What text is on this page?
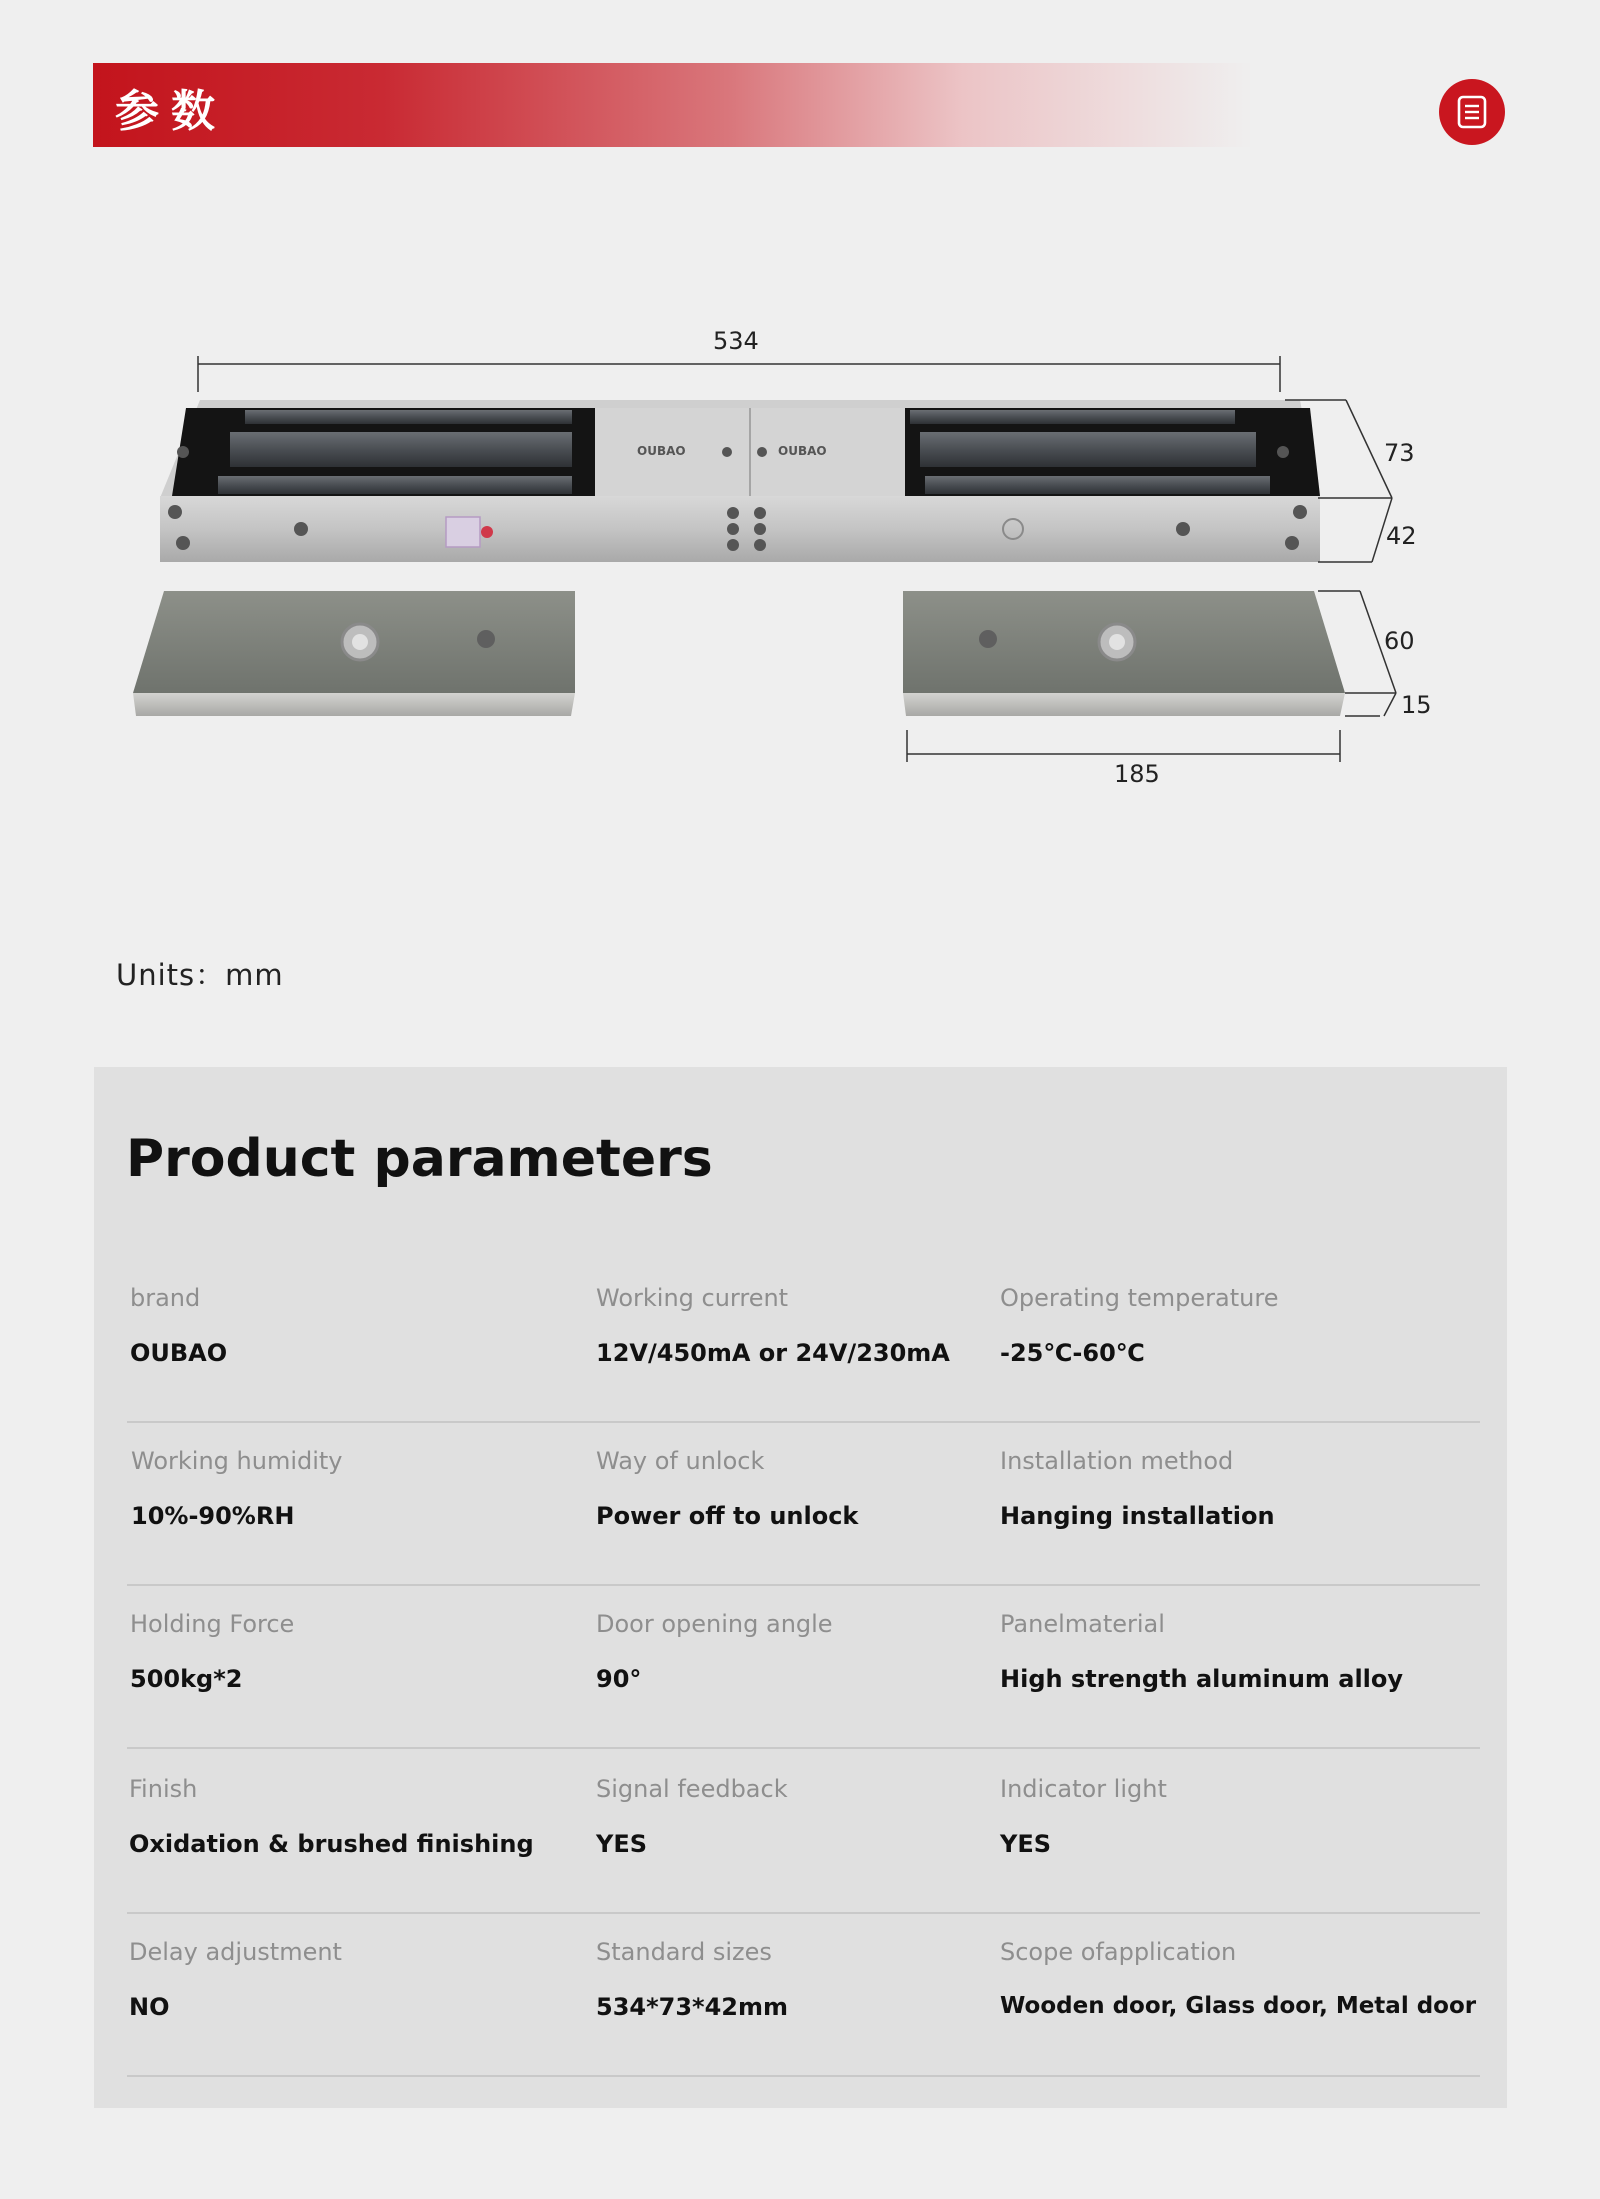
参数
534
73
42
60
15
185
OUBAO	OUBAO
Units：mm
Product parameters
brand
OUBAO
Working current
12V/450mA or 24V/230mA
Operating temperature
-25℃-60℃
Working humidity
10%-90%RH
Way of unlock
Power off to unlock
Installation method
Hanging installation
Holding Force
500kg*2
Door opening angle
90°
Panelmaterial
High strength aluminum alloy
Finish
Oxidation & brushed finishing
Signal feedback
YES
Indicator light
YES
Delay adjustment
NO
Standard sizes
534*73*42mm
Scope ofapplication
Wooden door, Glass door, Metal door
